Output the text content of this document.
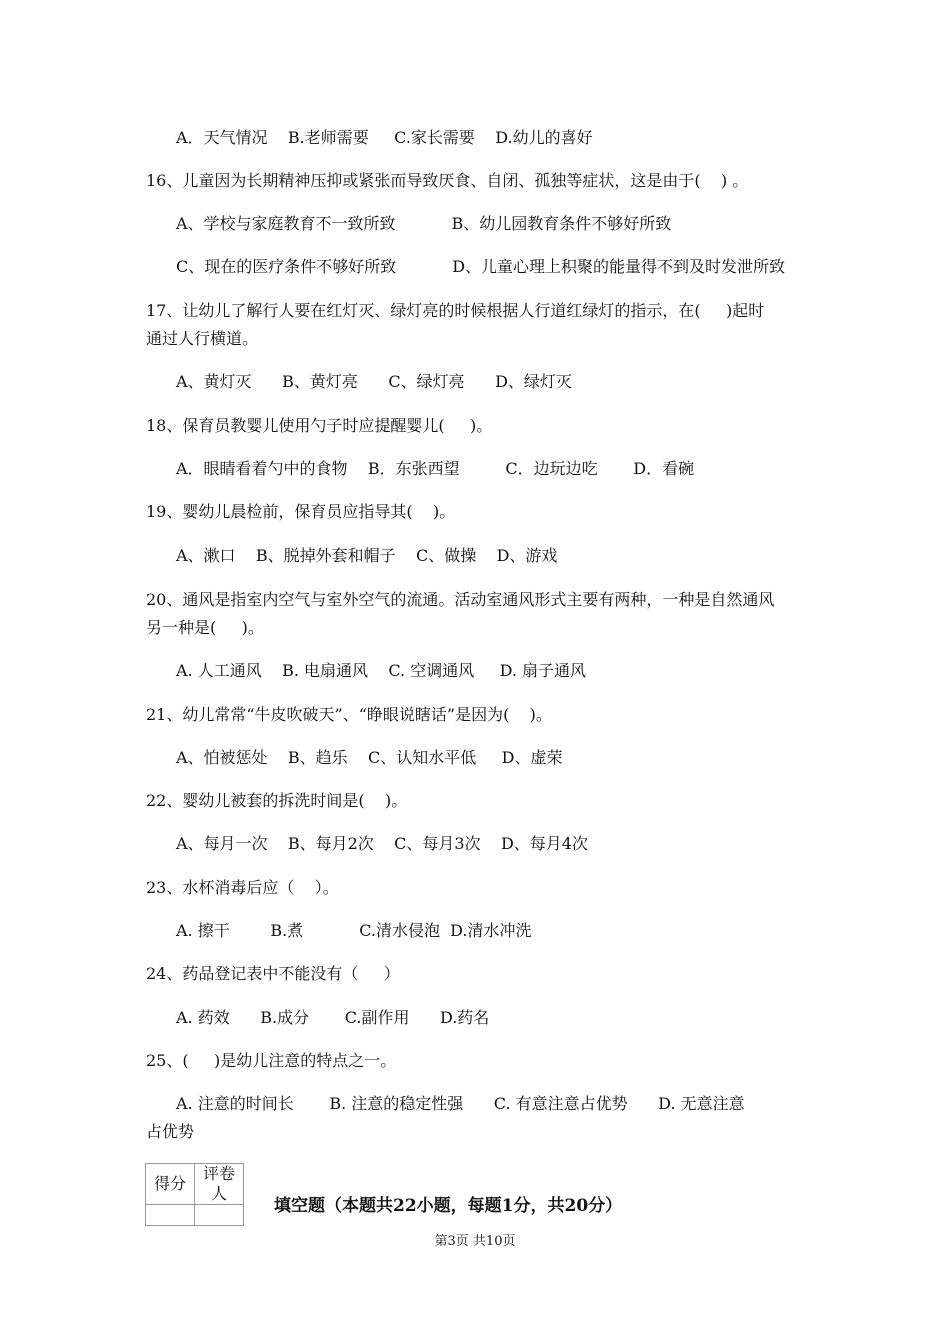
A．天气情况    B.老师需要     C.家长需要    D.幼儿的喜好
16、儿童因为长期精神压抑或紧张而导致厌食、自闭、孤独等症状，这是由于(    ) 。
A、学校与家庭教育不一致所致           B、幼儿园教育条件不够好所致
C、现在的医疗条件不够好所致           D、儿童心理上积聚的能量得不到及时发泄所致
17、让幼儿了解行人要在红灯灭、绿灯亮的时候根据人行道红绿灯的指示，在(     )起时
通过人行横道。
A、黄灯灭      B、黄灯亮      C、绿灯亮      D、绿灯灭
18、保育员教婴儿使用勺子时应提醒婴儿(     )。
A．眼睛看着勺中的食物    B．东张西望         C．边玩边吃       D．看碗
19、婴幼儿晨检前，保育员应指导其(    )。
A、漱口    B、脱掉外套和帽子    C、做操    D、游戏
20、通风是指室内空气与室外空气的流通。活动室通风形式主要有两种，一种是自然通风
另一种是(     )。
A. 人工通风    B. 电扇通风    C. 空调通风     D. 扇子通风
21、幼儿常常“牛皮吹破天”、“睁眼说瞎话”是因为(    )。
A、怕被惩处    B、趋乐    C、认知水平低     D、虚荣
22、婴幼儿被套的拆洗时间是(    )。
A、每月一次    B、每月2次    C、每月3次    D、每月4次
23、水杯消毒后应（    ）。
A. 擦干        B.煮           C.清水侵泡  D.清水冲洗
24、药品登记表中不能没有（     ）
A. 药效      B.成分       C.副作用      D.药名
25、(     )是幼儿注意的特点之一。
A. 注意的时间长       B. 注意的稳定性强      C. 有意注意占优势      D. 无意注意
占优势
得分	评卷人

填空题（本题共22小题，每题1分，共20分）
第3页 共10页
